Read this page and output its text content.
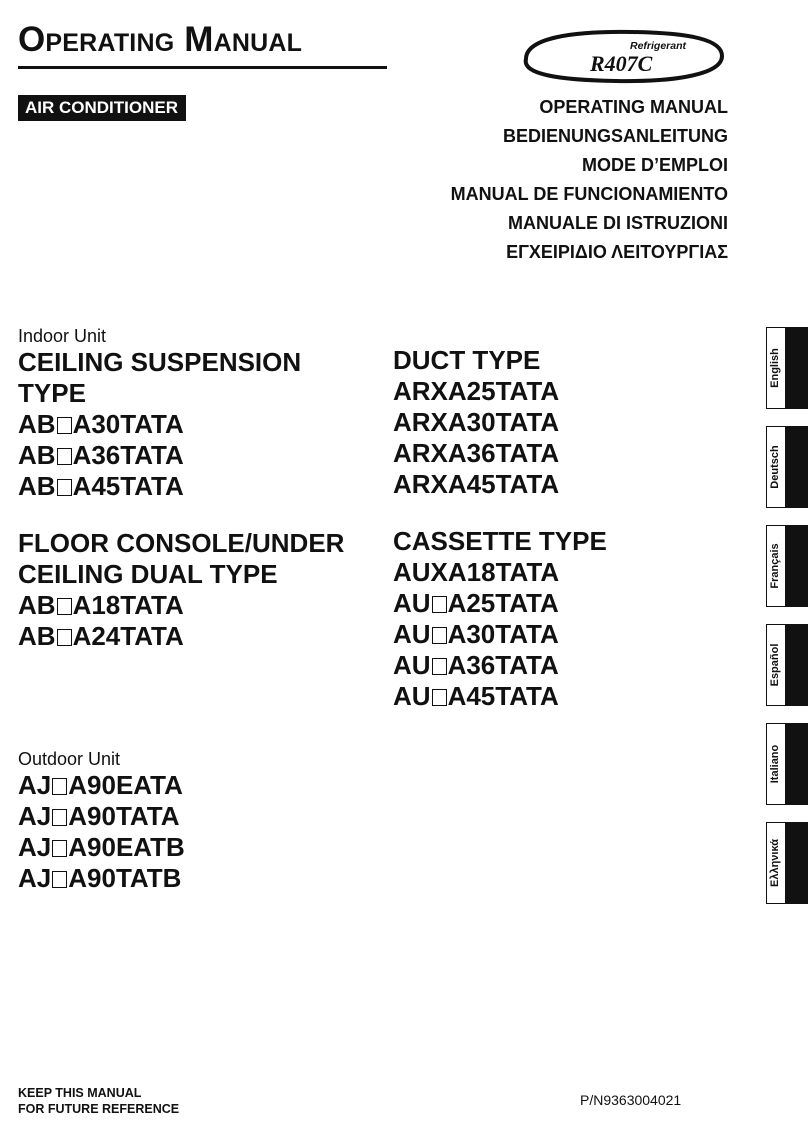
Operating Manual	Refrigerant
R407C
AIR CONDITIONER	OPERATING MANUAL
BEDIENUNGSANLEITUNG
MODE D’EMPLOI
MANUAL DE FUNCIONAMIENTO
MANUALE DI ISTRUZIONI
ΕΓΧΕΙΡΙΔΙΟ ΛΕΙΤΟΥΡΓΙΑΣ
Indoor Unit
CEILING SUSPENSION
TYPE
AB A30TATA
AB A36TATA
AB A45TATA
FLOOR CONSOLE/UNDER
CEILING DUAL TYPE
AB A18TATA
AB A24TATA
Outdoor Unit
AJ A90EATA
AJ A90TATA
AJ A90EATB
AJ A90TATB
DUCT TYPE
ARXA25TATA
ARXA30TATA
ARXA36TATA
ARXA45TATA
CASSETTE TYPE
AUXA18TATA
AU A25TATA
AU A30TATA
AU A36TATA
AU A45TATA
English
Deutsch
Français
Español
Italiano
Ελληνικά
KEEP THIS MANUAL
FOR FUTURE REFERENCE
P/N9363004021
